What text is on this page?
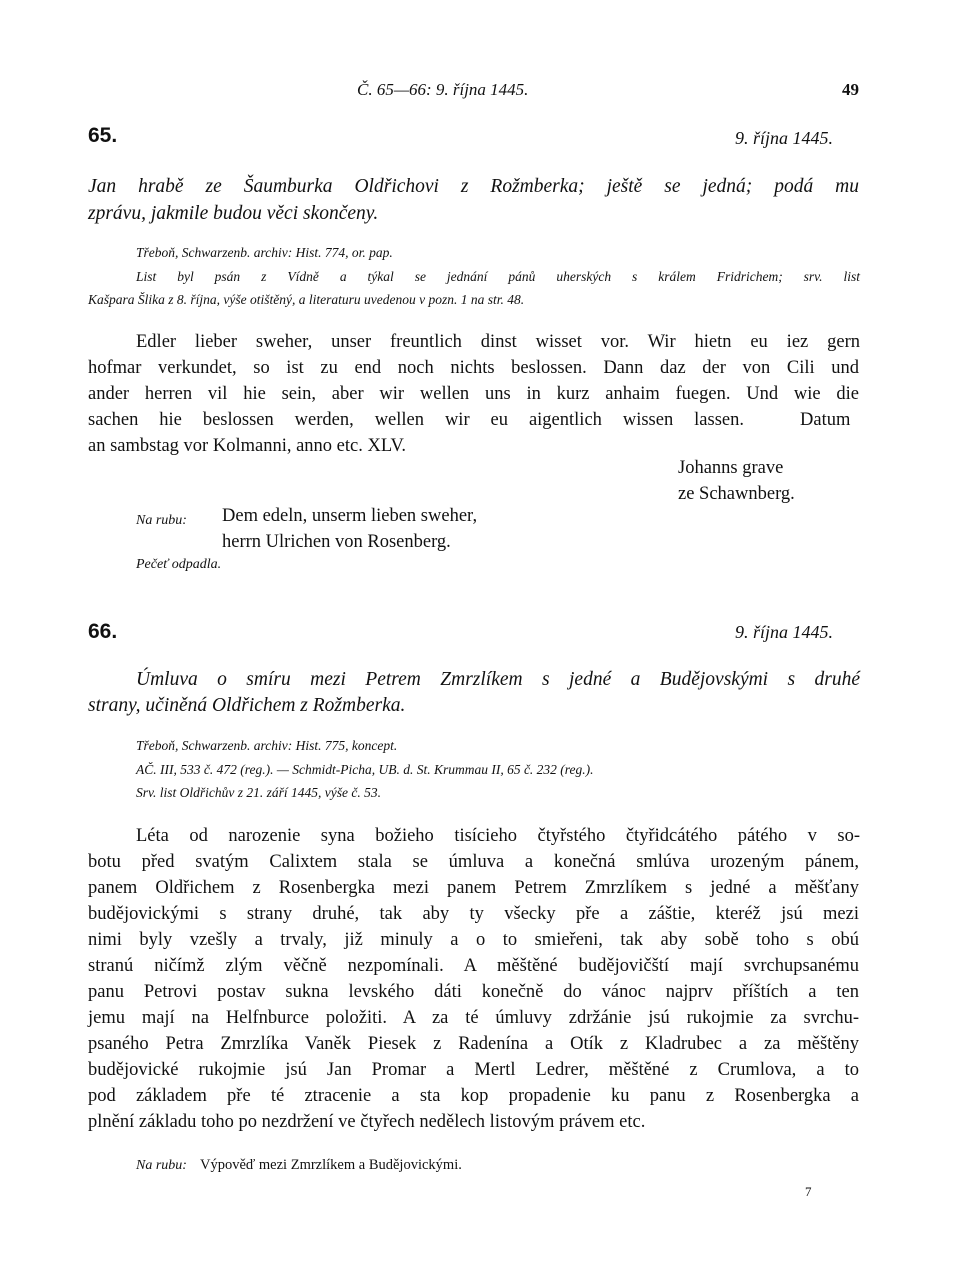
Č. 65—66: 9. října 1445.	49
65.	9. října 1445.
Jan hrabě ze Šaumburka Oldřichovi z Rožmberka; ještě se jedná; podá mu
zprávu, jakmile budou věci skončeny.
Třeboň, Schwarzenb. archiv: Hist. 774, or. pap.
List byl psán z Vídně a týkal se jednání pánů uherských s králem Fridrichem; srv. list
Kašpara Šlika z 8. října, výše otištěný, a literaturu uvedenou v pozn. 1 na str. 48.
Edler lieber sweher, unser freuntlich dinst wisset vor. Wir hietn eu iez gern
hofmar verkundet, so ist zu end noch nichts beslossen. Dann daz der von Cili und
ander herren vil hie sein, aber wir wellen uns in kurz anhaim fuegen. Und wie die
sachen hie beslossen werden, wellen wir eu aigentlich wissen lassen.	Datum
an sambstag vor Kolmanni, anno etc. XLV.
Johanns grave
ze Schawnberg.
Na rubu: Dem edeln, unserm lieben sweher,
herrn Ulrichen von Rosenberg.
Pečeť odpadla.
66.	9. října 1445.
Úmluva o smíru mezi Petrem Zmrzlíkem s jedné a Budějovskými s druhé
strany, učiněná Oldřichem z Rožmberka.
Třeboň, Schwarzenb. archiv: Hist. 775, koncept.
AČ. III, 533 č. 472 (reg.). — Schmidt-Picha, UB. d. St. Krummau II, 65 č. 232 (reg.).
Srv. list Oldřichův z 21. září 1445, výše č. 53.
Léta od narozenie syna božieho tisícieho čtyřstého čtyřidcátého pátého v so-
botu před svatým Calixtem stala se úmluva a konečná smlúva urozeným pánem,
panem Oldřichem z Rosenbergka mezi panem Petrem Zmrzlíkem s jedné a měšťany
budějovickými s strany druhé, tak aby ty všecky pře a záštie, kteréž jsú mezi
nimi byly vzešly a trvaly, již minuly a o to smieřeni, tak aby sobě toho s obú
stranú ničímž zlým věčně nezpomínali. A měštěné budějovičští mají svrchupsanému
panu Petrovi postav sukna levského dáti konečně do vánoc najprv příštích a ten
jemu mají na Helfnburce položiti. A za té úmluvy zdržánie jsú rukojmie za svrchu-
psaného Petra Zmrzlíka Vaněk Piesek z Radenína a Otík z Kladrubec a za měštěny
budějovické rukojmie jsú Jan Promar a Mertl Ledrer, měštěné z Crumlova, a to
pod základem pře té ztracenie a sta kop propadenie ku panu z Rosenbergka a
plnění základu toho po nezdržení ve čtyřech nedělech listovým právem etc.
Na rubu: Výpověď mezi Zmrzlíkem a Budějovickými.
7
